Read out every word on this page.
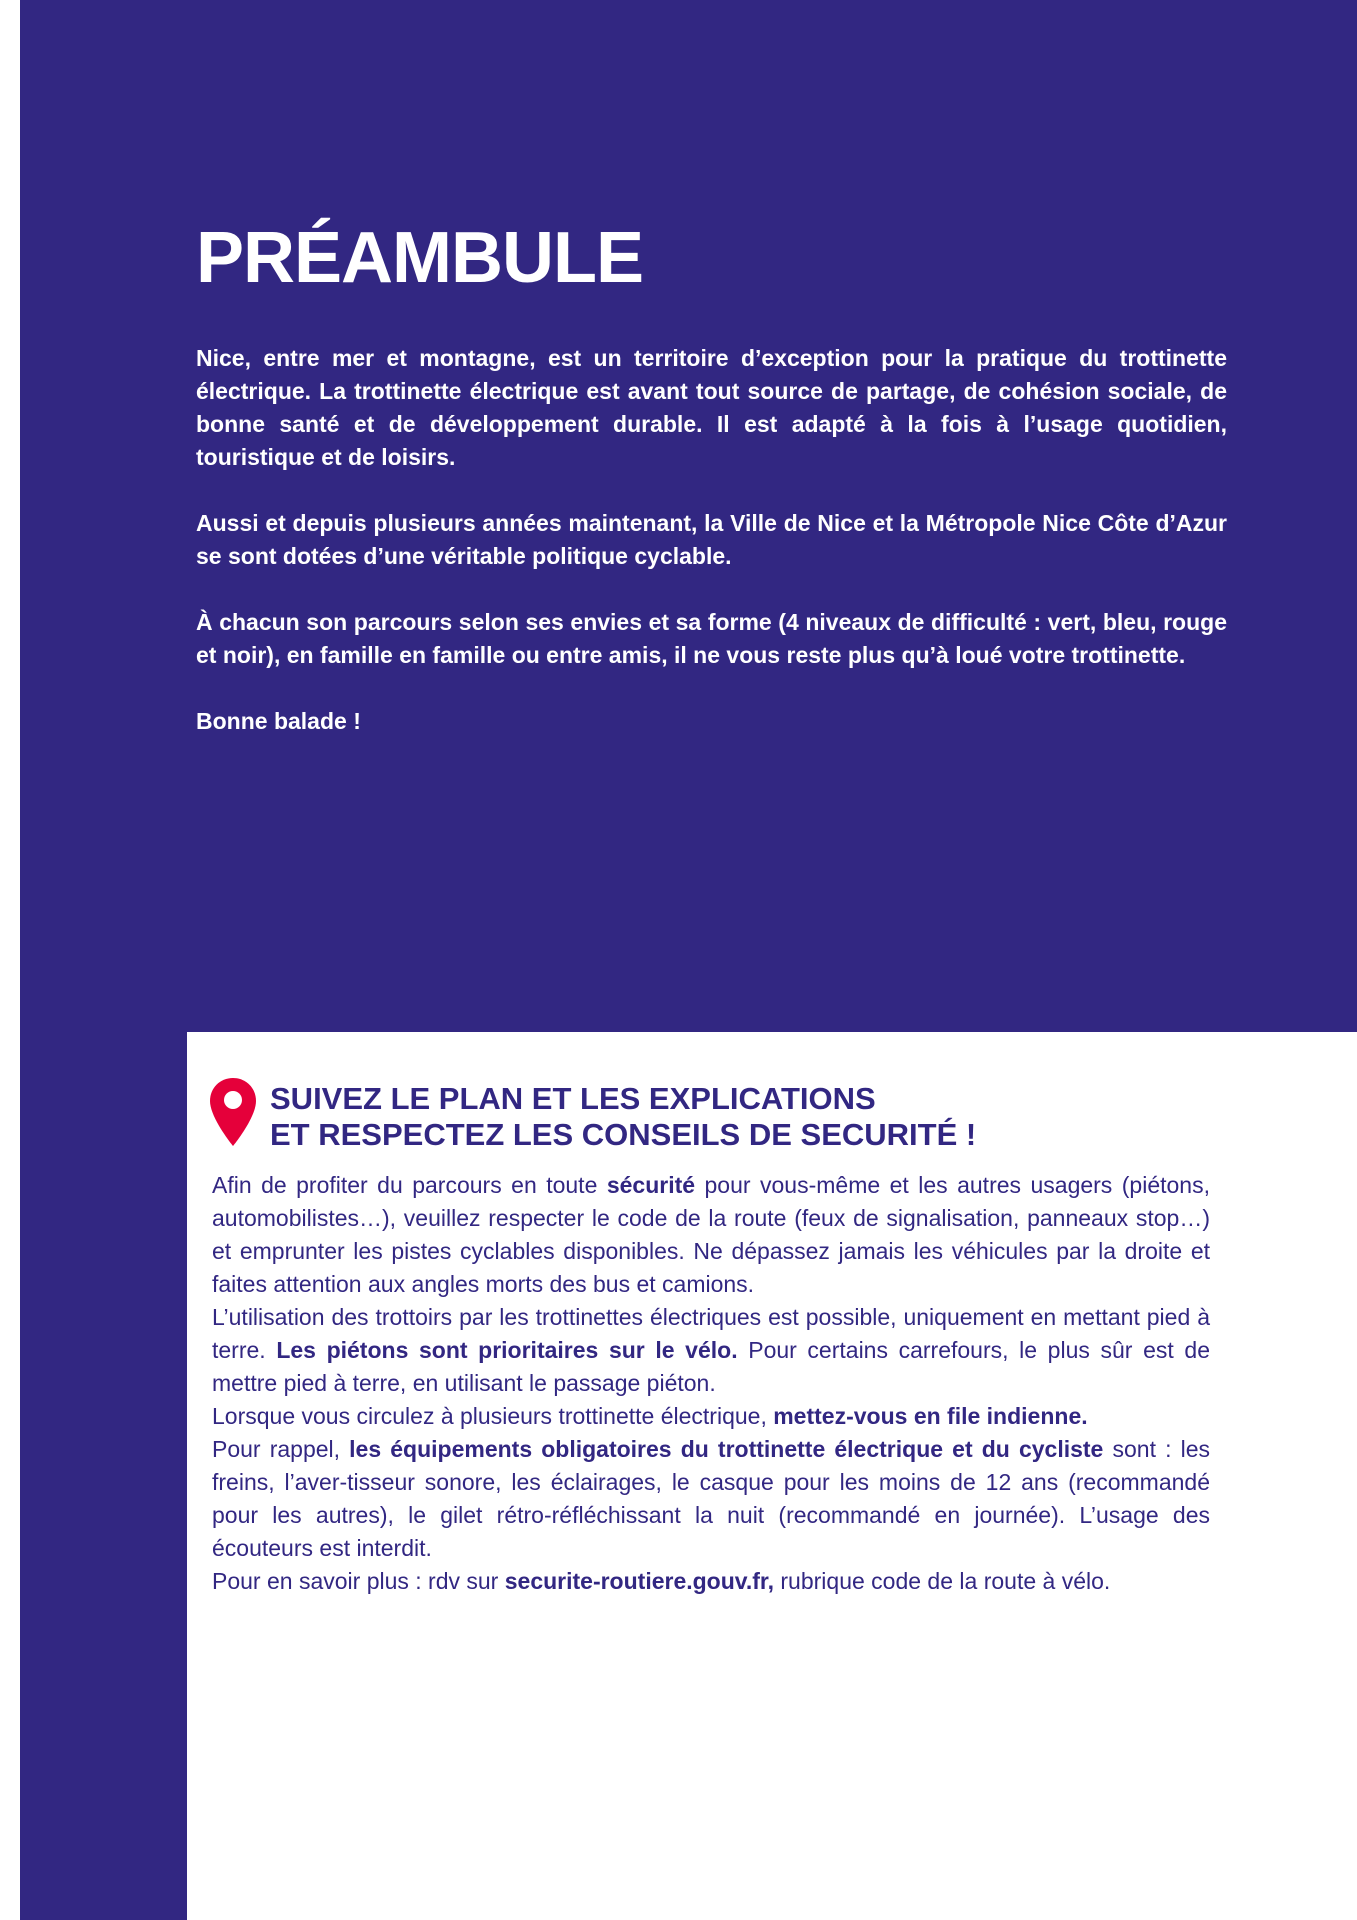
PRÉAMBULE

Nice, entre mer et montagne, est un territoire d’exception pour la pratique du trottinette électrique. La trottinette électrique est avant tout source de partage, de cohésion sociale, de bonne santé et de développement durable. Il est adapté à la fois à l’usage quotidien, touristique et de loisirs.

Aussi et depuis plusieurs années maintenant, la Ville de Nice et la Métropole Nice Côte d’Azur se sont dotées d’une véritable politique cyclable.

À chacun son parcours selon ses envies et sa forme (4 niveaux de difficulté : vert, bleu, rouge et noir), en famille en famille ou entre amis, il ne vous reste plus qu’à loué votre trottinette.

Bonne balade !

SUIVEZ LE PLAN ET LES EXPLICATIONS
ET RESPECTEZ LES CONSEILS DE SECURITÉ !

Afin de profiter du parcours en toute sécurité pour vous-même et les autres usagers (piétons, automobilistes…), veuillez respecter le code de la route (feux de signalisation, panneaux stop…) et emprunter les pistes cyclables disponibles. Ne dépassez jamais les véhicules par la droite et faites attention aux angles morts des bus et camions.

L’utilisation des trottoirs par les trottinettes électriques est possible, uniquement en mettant pied à terre. Les piétons sont prioritaires sur le vélo. Pour certains carrefours, le plus sûr est de mettre pied à terre, en utilisant le passage piéton.

Lorsque vous circulez à plusieurs trottinette électrique, mettez-vous en file indienne.

Pour rappel, les équipements obligatoires du trottinette électrique et du cycliste sont : les freins, l’aver-tisseur sonore, les éclairages, le casque pour les moins de 12 ans (recommandé pour les autres), le gilet rétro-réfléchissant la nuit (recommandé en journée). L’usage des écouteurs est interdit.

Pour en savoir plus : rdv sur securite-routiere.gouv.fr, rubrique code de la route à vélo.
